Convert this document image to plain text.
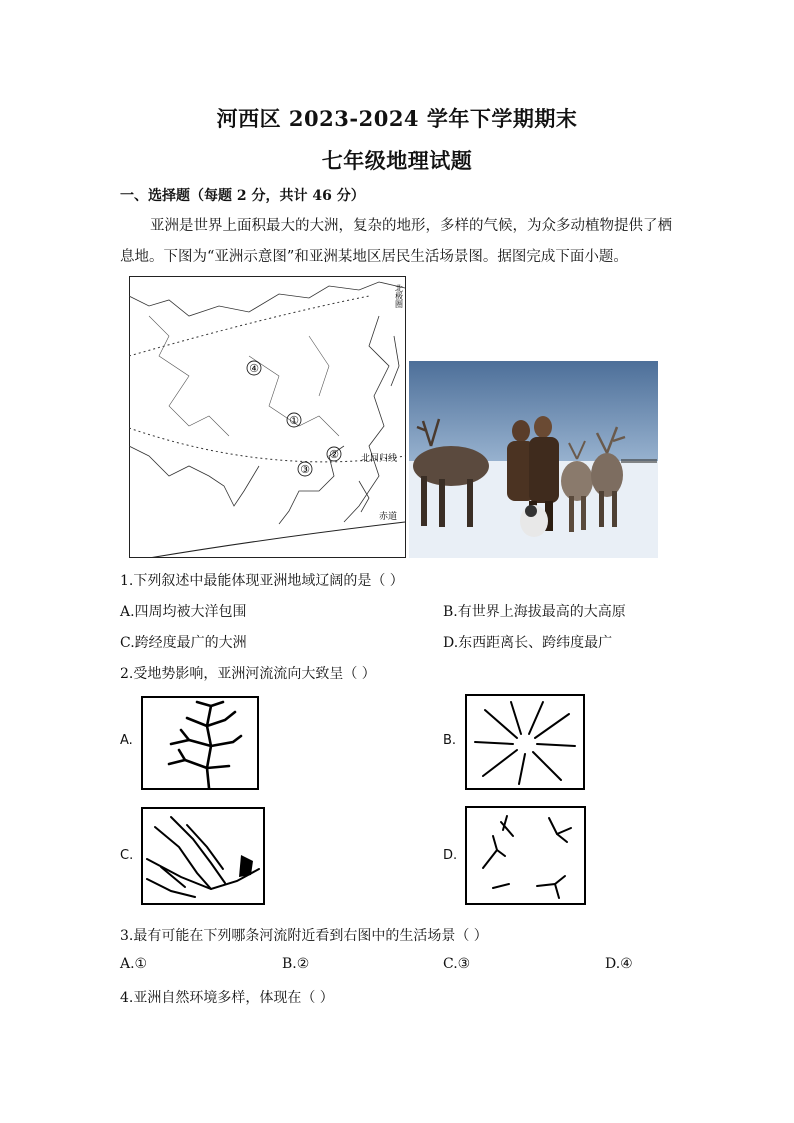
河西区 2023-2024 学年下学期期末
七年级地理试题
一、选择题（每题 2 分，共计 46 分）
亚洲是世界上面积最大的大洲，复杂的地形，多样的气候，为众多动植物提供了栖息地。下图为“亚洲示意图”和亚洲某地区居民生活场景图。据图完成下面小题。
④
①
②
③
北极圈
北回归线
赤道
1.下列叙述中最能体现亚洲地域辽阔的是（ ）
A.四周均被大洋包围	B.有世界上海拔最高的大高原
C.跨经度最广的大洲	D.东西距离长、跨纬度最广
2.受地势影响，亚洲河流流向大致呈（ ）
A.	B.
C.	D.
3.最有可能在下列哪条河流附近看到右图中的生活场景（ ）
A.①	B.②	C.③	D.④
4.亚洲自然环境多样，体现在（ ）
